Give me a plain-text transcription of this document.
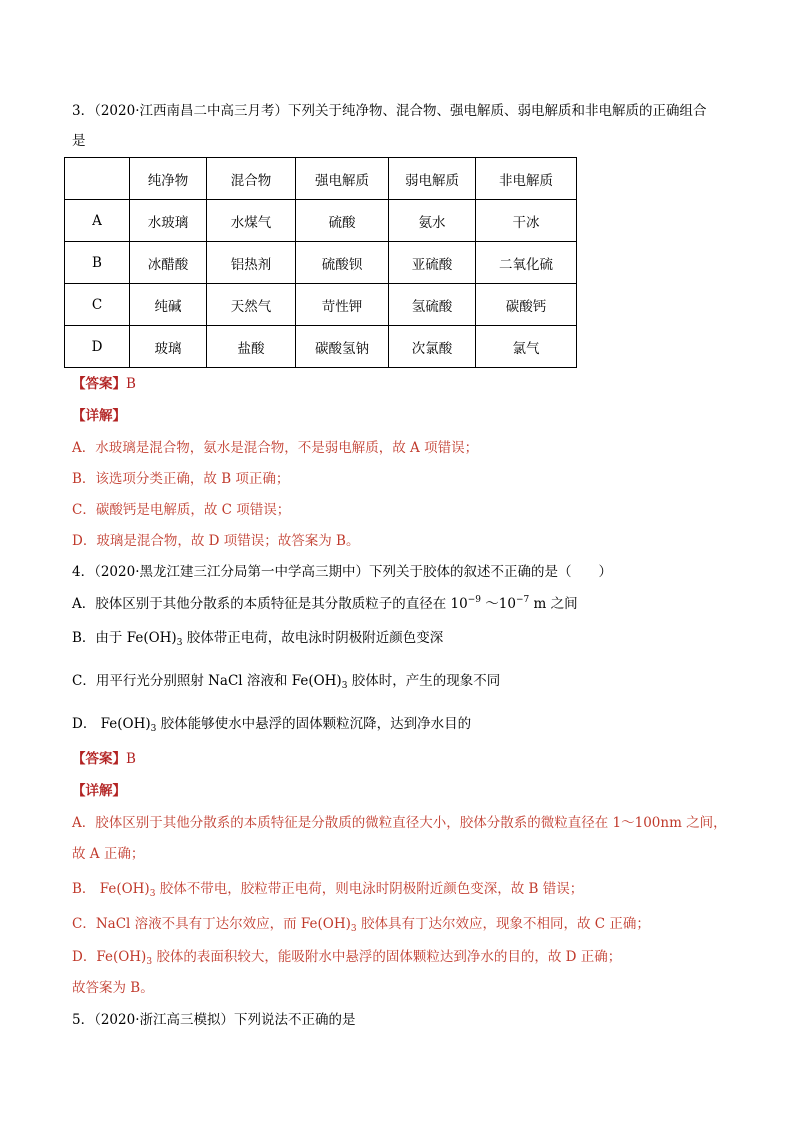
3．（2020·江西南昌二中高三月考）下列关于纯净物、混合物、强电解质、弱电解质和非电解质的正确组合
是
	纯净物	混合物	强电解质	弱电解质	非电解质
A	水玻璃	水煤气	硫酸	氨水	干冰
B	冰醋酸	铝热剂	硫酸钡	亚硫酸	二氧化硫
C	纯碱	天然气	苛性钾	氢硫酸	碳酸钙
D	玻璃	盐酸	碳酸氢钠	次氯酸	氯气
【答案】B
【详解】
A．水玻璃是混合物，氨水是混合物，不是弱电解质，故 A 项错误；
B．该选项分类正确，故 B 项正确；
C．碳酸钙是电解质，故 C 项错误；
D．玻璃是混合物，故 D 项错误；故答案为 B。
4．（2020·黑龙江建三江分局第一中学高三期中）下列关于胶体的叙述不正确的是（　　）
A．胶体区别于其他分散系的本质特征是其分散质粒子的直径在 $10^{-9}$ $\sim 10^{-7}$ m 之间
B．由于 $Fe(OH)_3$ 胶体带正电荷，故电泳时阴极附近颜色变深
C．用平行光分别照射 NaCl 溶液和 $Fe(OH)_3$ 胶体时，产生的现象不同
D． $Fe(OH)_3$ 胶体能够使水中悬浮的固体颗粒沉降，达到净水目的
【答案】B
【详解】
A．胶体区别于其他分散系的本质特征是分散质的微粒直径大小，胶体分散系的微粒直径在 1～100nm 之间，
故 A 正确；
B． $Fe(OH)_3$ 胶体不带电，胶粒带正电荷，则电泳时阴极附近颜色变深，故 B 错误；
C．NaCl 溶液不具有丁达尔效应，而 $Fe(OH)_3$ 胶体具有丁达尔效应，现象不相同，故 C 正确；
D．$Fe(OH)_3$ 胶体的表面积较大，能吸附水中悬浮的固体颗粒达到净水的目的，故 D 正确；
故答案为 B。
5．（2020·浙江高三模拟）下列说法不正确的是
